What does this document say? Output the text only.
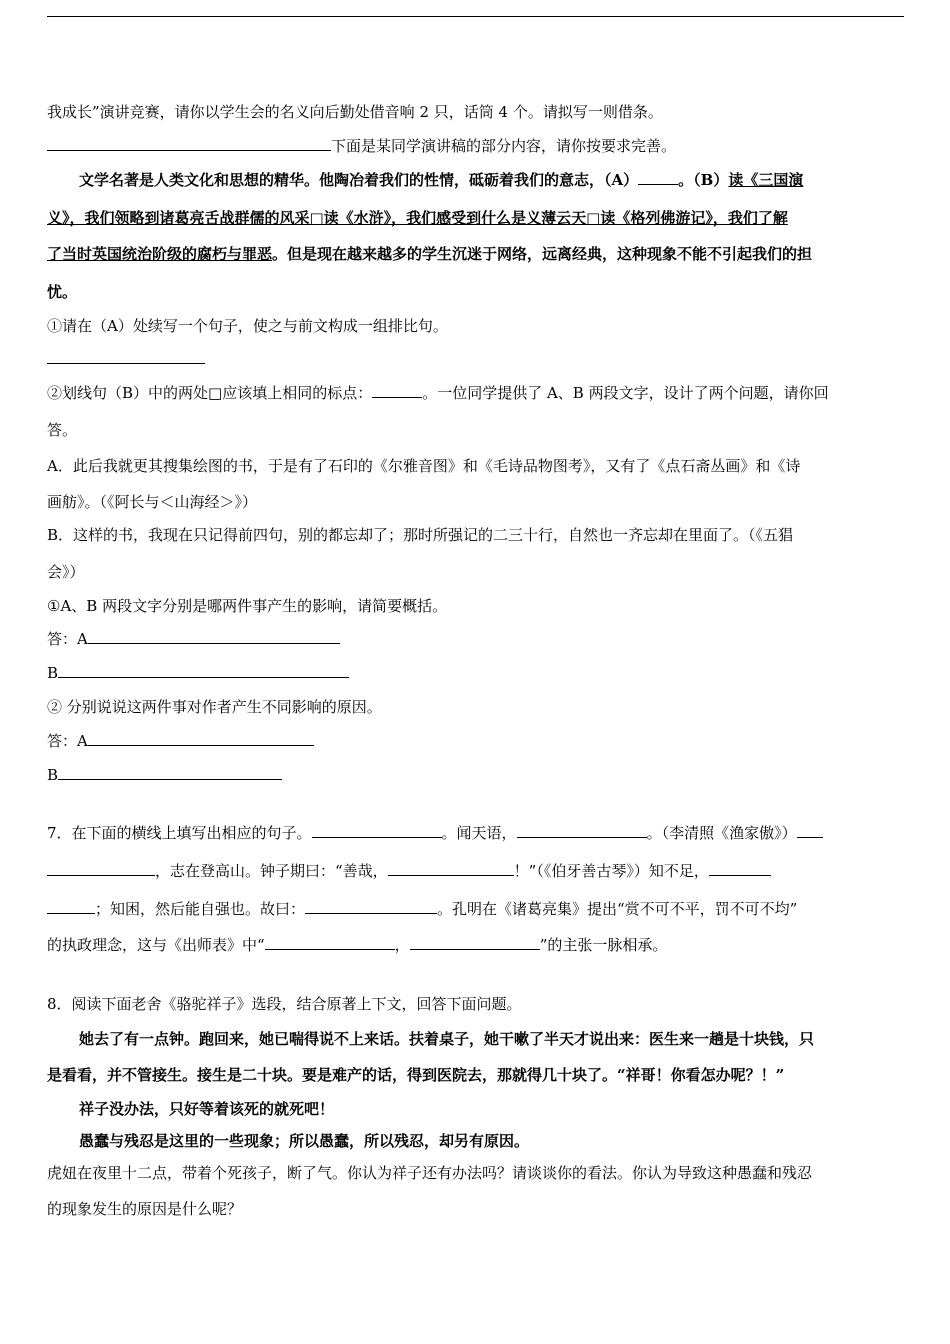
我成长”演讲竞赛，请你以学生会的名义向后勤处借音响 2 只，话筒 4 个。请拟写一则借条。
下面是某同学演讲稿的部分内容，请你按要求完善。
文学名著是人类文化和思想的精华。他陶冶着我们的性情，砥砺着我们的意志，（A）	。（B）读《三国演
义》，我们领略到诸葛亮舌战群儒的风采□读《水浒》，我们感受到什么是义薄云天□读《格列佛游记》，我们了解
了当时英国统治阶级的腐朽与罪恶。但是现在越来越多的学生沉迷于网络，远离经典，这种现象不能不引起我们的担
忧。
①请在（A）处续写一个句子，使之与前文构成一组排比句。
②划线句（B）中的两处□应该填上相同的标点：	。一位同学提供了 A、B 两段文字，设计了两个问题，请你回
答。
A．此后我就更其搜集绘图的书，于是有了石印的《尔雅音图》和《毛诗品物图考》，又有了《点石斋丛画》和《诗
画舫》。（《阿长与＜山海经＞》）
B．这样的书，我现在只记得前四句，别的都忘却了；那时所强记的二三十行，自然也一齐忘却在里面了。（《五猖
会》）
①A、B 两段文字分别是哪两件事产生的影响，请简要概括。
答：A
B
② 分别说说这两件事对作者产生不同影响的原因。
答：A
B
7．在下面的横线上填写出相应的句子。	。闻天语，	。（李清照《渔家傲》）
，志在登高山。钟子期曰：“善哉，	！”（《伯牙善古琴》）知不足，
；知困，然后能自强也。故曰：	。孔明在《诸葛亮集》提出“赏不可不平，罚不可不均”
的执政理念，这与《出师表》中“	，	”的主张一脉相承。
8．阅读下面老舍《骆驼祥子》选段，结合原著上下文，回答下面问题。
她去了有一点钟。跑回来，她已喘得说不上来话。扶着桌子，她干嗽了半天才说出来：医生来一趟是十块钱，只
是看看，并不管接生。接生是二十块。要是难产的话，得到医院去，那就得几十块了。“祥哥！你看怎办呢？！”
祥子没办法，只好等着该死的就死吧！
愚蠢与残忍是这里的一些现象；所以愚蠢，所以残忍，却另有原因。
虎妞在夜里十二点，带着个死孩子，断了气。你认为祥子还有办法吗？请谈谈你的看法。你认为导致这种愚蠢和残忍
的现象发生的原因是什么呢？
